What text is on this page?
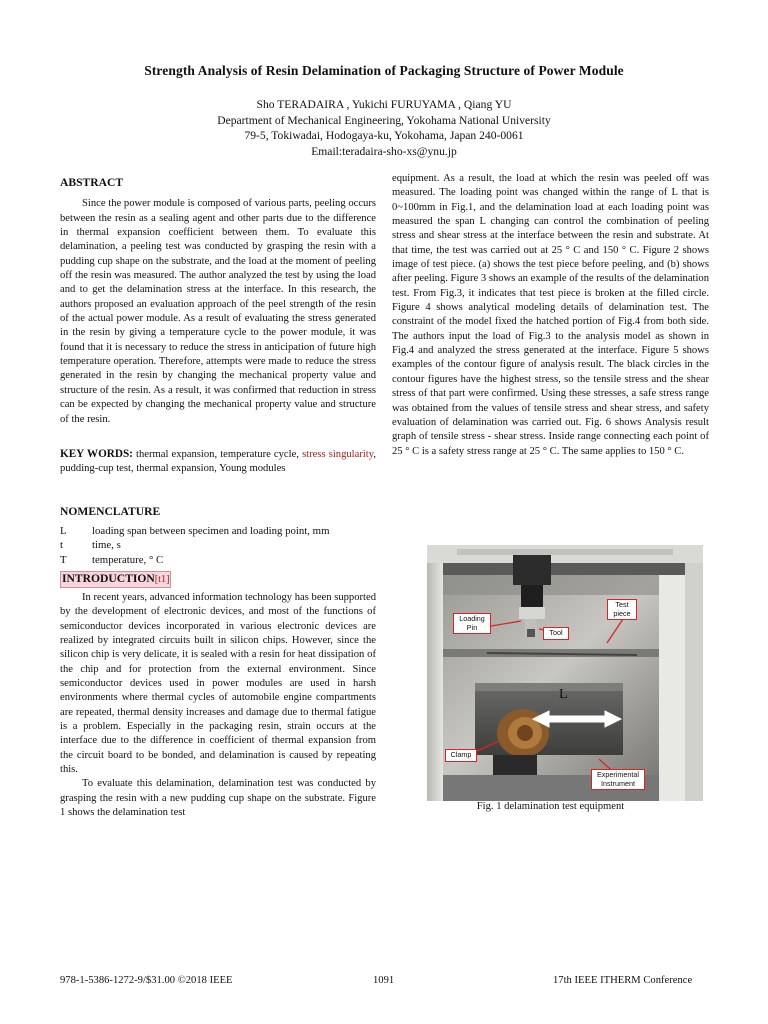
Strength Analysis of Resin Delamination of Packaging Structure of Power Module
Sho TERADAIRA , Yukichi FURUYAMA , Qiang YU
Department of Mechanical Engineering, Yokohama National University
79-5, Tokiwadai, Hodogaya-ku, Yokohama, Japan 240-0061
Email:teradaira-sho-xs@ynu.jp

ABSTRACT

Since the power module is composed of various parts, peeling occurs between the resin as a sealing agent and other parts due to the difference in thermal expansion coefficient between them. To evaluate this delamination, a peeling test was conducted by grasping the resin with a pudding cup shape on the substrate, and the load at the moment of peeling off the resin was measured. The author analyzed the test by using the load and to get the delamination stress at the interface. In this research, the authors proposed an evaluation approach of the peel strength of the resin of the actual power module. As a result of evaluating the stress generated in the resin by giving a temperature cycle to the power module, it was found that it is necessary to reduce the stress in anticipation of future high temperature operation. Therefore, attempts were made to reduce the stress generated in the resin by changing the mechanical property value and structure of the resin. As a result, it was confirmed that reduction in stress can be expected by changing the mechanical property value and structure of the resin.

KEY WORDS: thermal expansion, temperature cycle, stress singularity, pudding-cup test, thermal expansion, Young modules

NOMENCLATURE

L	loading span between specimen and loading point, mm
t	time, s
T	temperature, ° C
INTRODUCTION[t1]

In recent years, advanced information technology has been supported by the development of electronic devices, and most of the functions of semiconductor devices incorporated in various electronic devices are realized by integrated circuits built in silicon chips. However, since the silicon chip is very delicate, it is sealed with a resin for heat dissipation of the chip and for protection from the external environment. Since semiconductor devices used in power modules are used in harsh environments where thermal cycles of automobile engine compartments are repeated, thermal density increases and damage due to thermal fatigue is a problem. Especially in the packaging resin, strain occurs at the interface due to the difference in coefficient of thermal expansion from the circuit board to be bonded, and delamination is caused by repeating this.

To evaluate this delamination, delamination test was conducted by grasping the resin with a new pudding cup shape on the substrate. Figure 1 shows the delamination test

equipment. As a result, the load at which the resin was peeled off was measured. The loading point was changed within the range of L that is 0~100mm in Fig.1, and the delamination load at each loading point was measured the span L changing can control the combination of peeling stress and shear stress at the interface between the resin and substrate. At that time, the test was carried out at 25 ° C and 150 ° C. Figure 2 shows image of test piece. (a) shows the test piece before peeling, and (b) shows after peeling. Figure 3 shows an example of the results of the delamination test. From Fig.3, it indicates that test piece is broken at the filled circle. Figure 4 shows analytical modeling details of delamination test. The constraint of the model fixed the hatched portion of Fig.4 from both side. The authors input the load of Fig.3 to the analysis model as shown in Fig.4 and analyzed the stress generated at the interface. Figure 5 shows examples of the contour figure of analysis result. The black circles in the contour figures have the highest stress, so the tensile stress and the shear stress of that part were confirmed. Using these stresses, a safe stress range was obtained from the values of tensile stress and shear stress, and safety evaluation of delamination was carried out. Fig. 6 shows Analysis result graph of tensile stress - shear stress. Inside range connecting each point of 25 ° C is a safety stress range at 25 ° C. The same applies to 150 ° C.

Loading Pin
Tool
Test piece
Clamp
Experimental Instrument
L
Fig. 1 delamination test equipment
978-1-5386-1272-9/$31.00 ©2018 IEEE	1091	17th IEEE ITHERM Conference
